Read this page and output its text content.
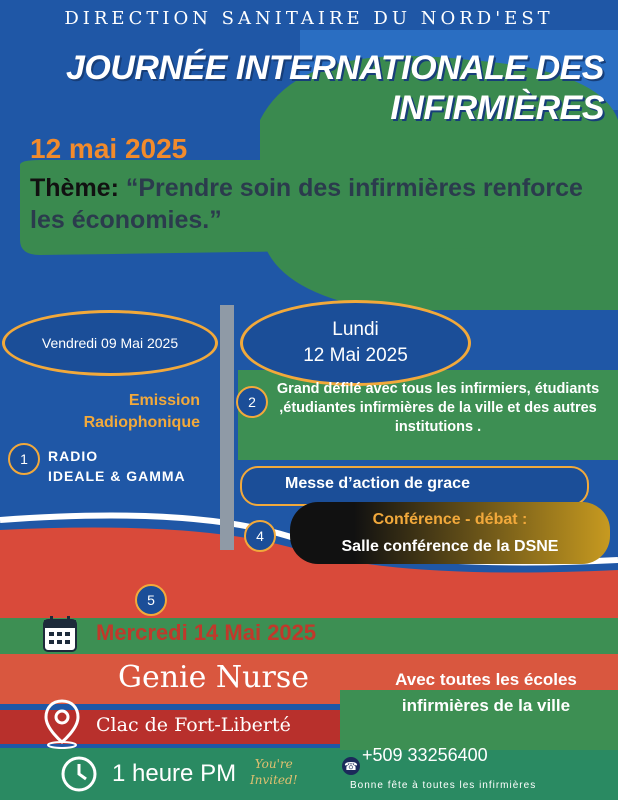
DIRECTION SANITAIRE DU NORD'EST
JOURNÉE INTERNATIONALE DES
INFIRMIÈRES
12 mai 2025
Thème: “Prendre soin des infirmières renforce les économies.”
Vendredi 09 Mai 2025
Lundi
12 Mai 2025
Emission
Radiophonique
1	RADIO
IDEALE & GAMMA
2
Grand défilé avec tous les infirmiers, étudiants ,étudiantes infirmières de la ville et des autres institutions .
Messe d’action de grace
4
Conférence - débat :
Salle conférence de la DSNE
5
Mercredi 14 Mai 2025
Genie Nurse	Avec toutes les écoles
infirmières de la ville
Clac de Fort-Liberté
1 heure PM	You're
Invited!
☎
+509 33256400
Bonne fête à toutes les infirmières
